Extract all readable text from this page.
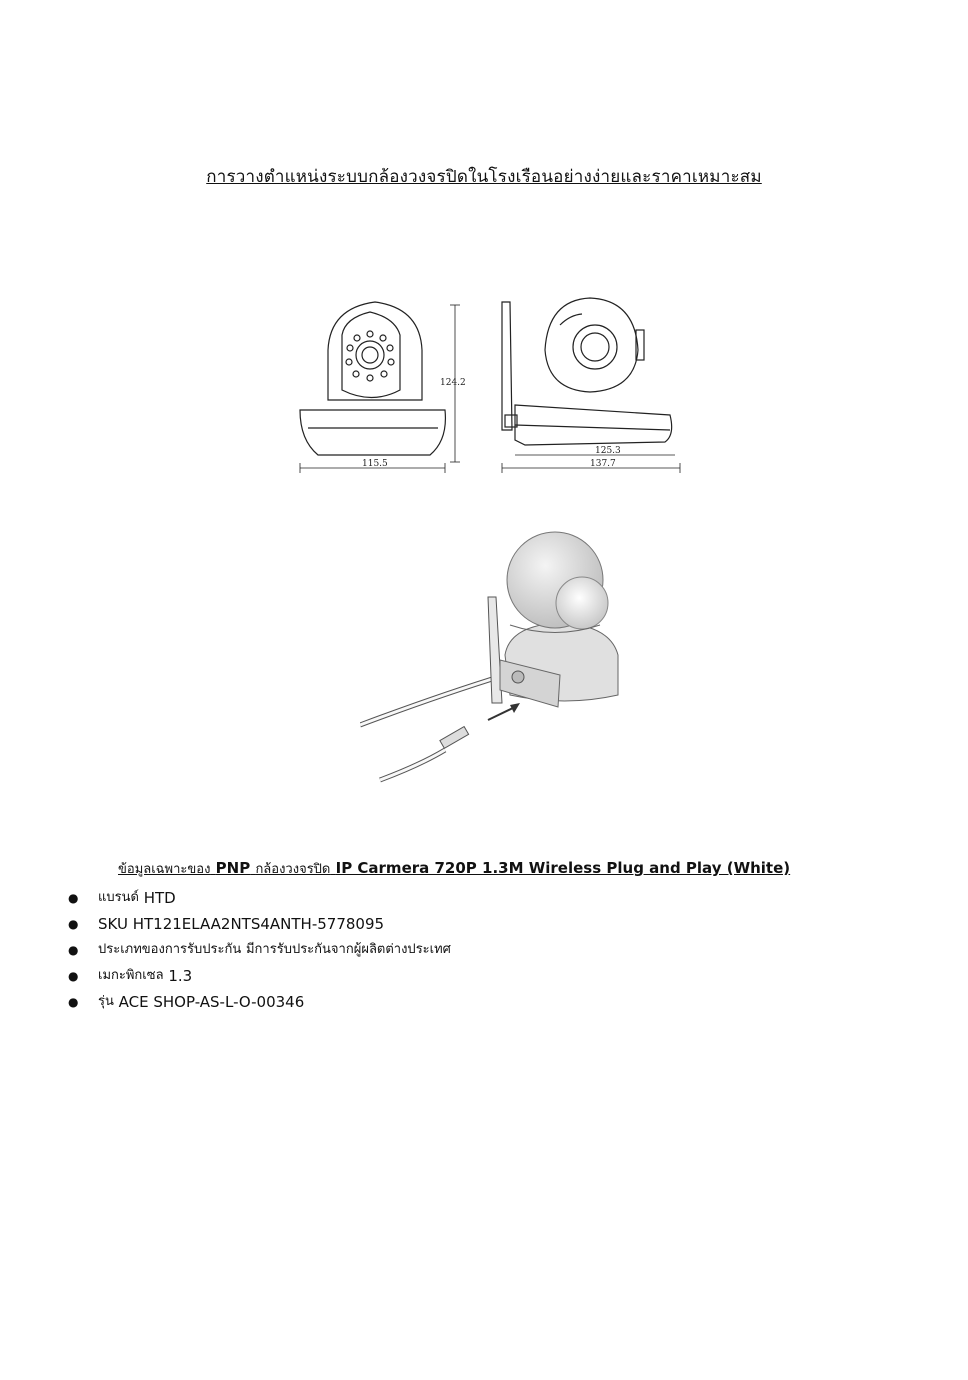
การวางตำแหน่งระบบกล้องวงจรปิดในโรงเรือนอย่างง่ายและราคาเหมาะสม
124.2
115.5
125.3
137.7
ข้อมูลเฉพาะของ PNP กล้องวงจรปิด IP Carmera 720P 1.3M Wireless Plug and Play (White)
●	แบรนด์
HTD
●	SKU
HT121ELAA2NTS4ANTH-5778095
●	ประเภทของการรับประกัน
มีการรับประกันจากผู้ผลิตต่างประเทศ
●	เมกะพิกเซล
1.3
●	รุ่น
ACE SHOP-AS-L-O-00346
